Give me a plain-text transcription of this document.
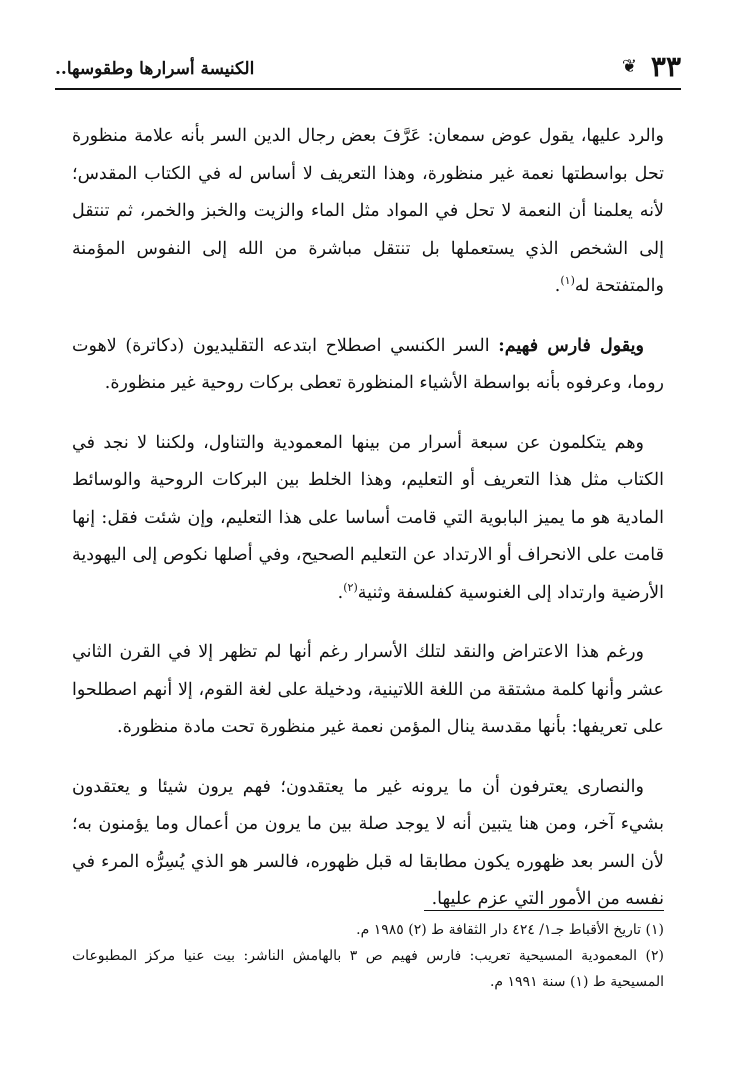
٣٣
❦
الكنيسة أسرارها وطقوسها..

والرد عليها، يقول عوض سمعان: عَرَّفَ بعض رجال الدين السر بأنه علامة منظورة تحل بواسطتها نعمة غير منظورة، وهذا التعريف لا أساس له في الكتاب المقدس؛ لأنه يعلمنا أن النعمة لا تحل في المواد مثل الماء والزيت والخبز والخمر، ثم تنتقل إلى الشخص الذي يستعملها بل تنتقل مباشرة من الله إلى النفوس المؤمنة والمتفتحة له$^{(١)}$.

ويقول فارس فهيم: السر الكنسي اصطلاح ابتدعه التقليديون (دكاترة) لاهوت روما، وعرفوه بأنه بواسطة الأشياء المنظورة تعطى بركات روحية غير منظورة.

وهم يتكلمون عن سبعة أسرار من بينها المعمودية والتناول، ولكننا لا نجد في الكتاب مثل هذا التعريف أو التعليم، وهذا الخلط بين البركات الروحية والوسائط المادية هو ما يميز البابوية التي قامت أساسا على هذا التعليم، وإن شئت فقل: إنها قامت على الانحراف أو الارتداد عن التعليم الصحيح، وفي أصلها نكوص إلى اليهودية الأرضية وارتداد إلى الغنوسية كفلسفة وثنية$^{(٢)}$.

ورغم هذا الاعتراض والنقد لتلك الأسرار رغم أنها لم تظهر إلا في القرن الثاني عشر وأنها كلمة مشتقة من اللغة اللاتينية، ودخيلة على لغة القوم، إلا أنهم اصطلحوا على تعريفها: بأنها مقدسة ينال المؤمن نعمة غير منظورة تحت مادة منظورة.

والنصارى يعترفون أن ما يرونه غير ما يعتقدون؛ فهم يرون شيئا و يعتقدون بشيء آخر، ومن هنا يتبين أنه لا يوجد صلة بين ما يرون من أعمال وما يؤمنون به؛ لأن السر بعد ظهوره يكون مطابقا له قبل ظهوره، فالسر هو الذي يُسِرُّه المرء في نفسه من الأمور التي عزم عليها.

(١) تاريخ الأقباط جـ١/ ٤٢٤ دار الثقافة ط (٢) ١٩٨٥ م.

(٢) المعمودية المسيحية تعريب: فارس فهيم ص ٣ بالهامش الناشر: بيت عنيا مركز المطبوعات المسيحية ط (١) سنة ١٩٩١ م.
